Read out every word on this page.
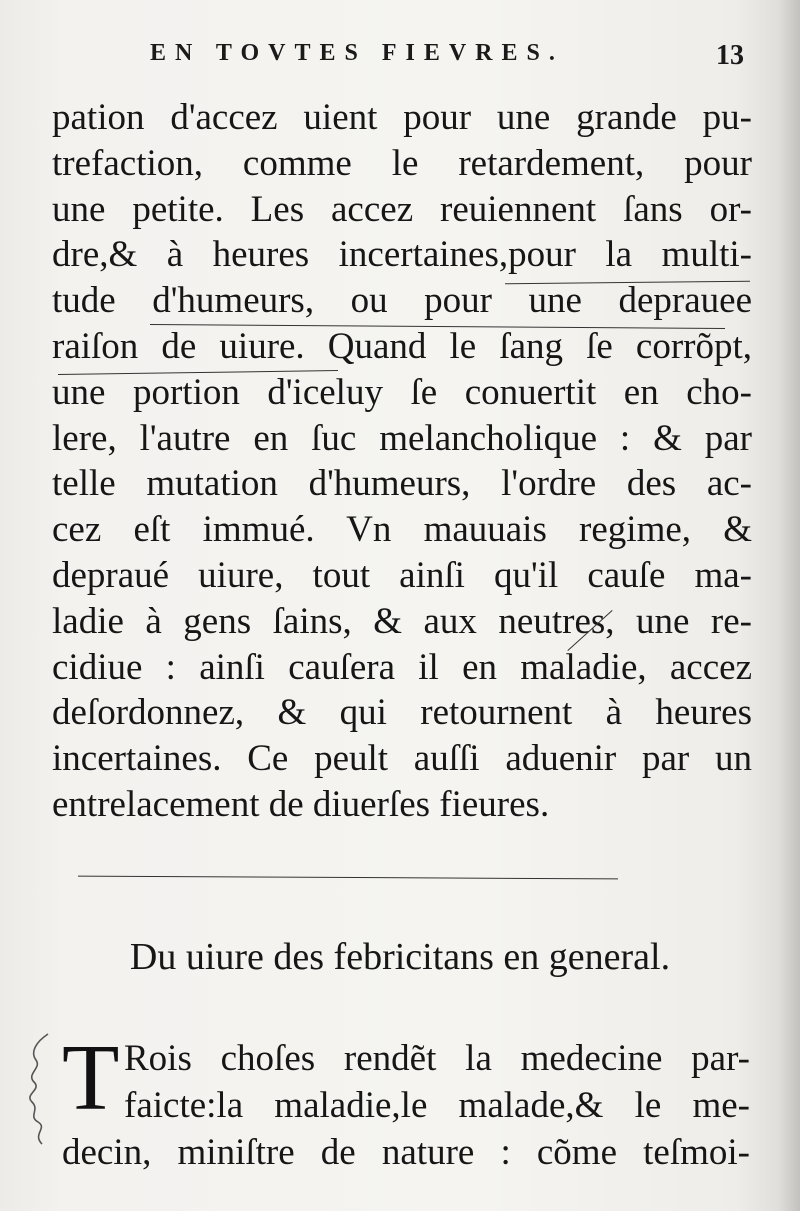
EN TOVTES FIEVRES.	13
pation d'accez uient pour une grande pu-
trefaction, comme le retardement, pour
une petite. Les accez reuiennent ſans or-
dre,& à heures incertaines,pour la multi-
tude d'humeurs, ou pour une deprauee
raiſon de uiure. Quand le ſang ſe corrõpt,
une portion d'iceluy ſe conuertit en cho-
lere, l'autre en ſuc melancholique : & par
telle mutation d'humeurs, l'ordre des ac-
cez eſt immué. Vn mauuais regime, &
depraué uiure, tout ainſi qu'il cauſe ma-
ladie à gens ſains, & aux neutres, une re-
cidiue : ainſi cauſera il en maladie, accez
deſordonnez, & qui retournent à heures
incertaines. Ce peult auſſi aduenir par un
entrelacement de diuerſes fieures.
Du uiure des febricitans en general.
T Rois choſes rendẽt la medecine par-
faicte:la maladie,le malade,& le me-
decin, miniſtre de nature : cõme teſmoi-
